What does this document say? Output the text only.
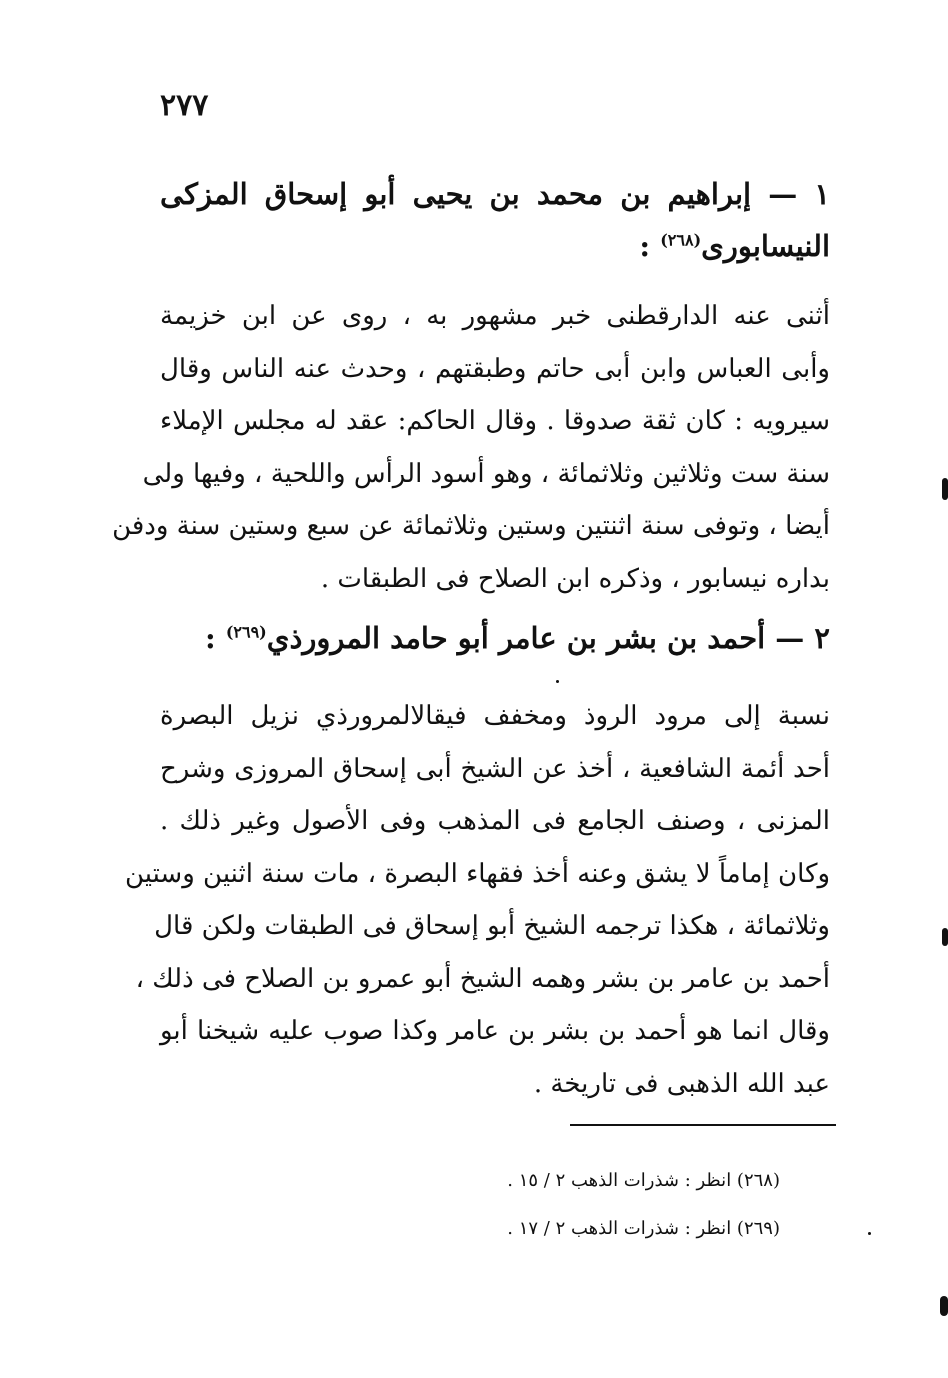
٢٧٧
١ — إبراهيم بن محمد بن يحيى أبو إسحاق المزكى النيسابورى$^{(٢٦٨)}$ :
أثنى عنه الدارقطنى خبر مشهور به ، روى عن ابن خزيمة
وأبى العباس وابن أبى حاتم وطبقتهم ، وحدث عنه الناس وقال
سيرويه : كان ثقة صدوقا . وقال الحاكم: عقد له مجلس الإملاء
سنة ست وثلاثين وثلاثمائة ، وهو أسود الرأس واللحية ، وفيها ولى
أيضا ، وتوفى سنة اثنتين وستين وثلاثمائة عن سبع وستين سنة ودفن
بداره نيسابور ، وذكره ابن الصلاح فى الطبقات .
٢ — أحمد بن بشر بن عامر أبو حامد المرورذي$^{(٢٦٩)}$ :
نسبة إلى مرود الروذ ومخفف فيقالالمرورذي نزيل البصرة
أحد أئمة الشافعية ، أخذ عن الشيخ أبى إسحاق المروزى وشرح
المزنى ، وصنف الجامع فى المذهب وفى الأصول وغير ذلك .
وكان إماماً لا يشق وعنه أخذ فقهاء البصرة ، مات سنة اثنين وستين
وثلاثمائة ، هكذا ترجمه الشيخ أبو إسحاق فى الطبقات ولكن قال
أحمد بن عامر بن بشر وهمه الشيخ أبو عمرو بن الصلاح فى ذلك ،
وقال انما هو أحمد بن بشر بن عامر وكذا صوب عليه شيخنا أبو
عبد الله الذهبى فى تاريخة .
(٢٦٨) انظر : شذرات الذهب ٢ / ١٥ .
(٢٦٩) انظر : شذرات الذهب ٢ / ١٧ .
